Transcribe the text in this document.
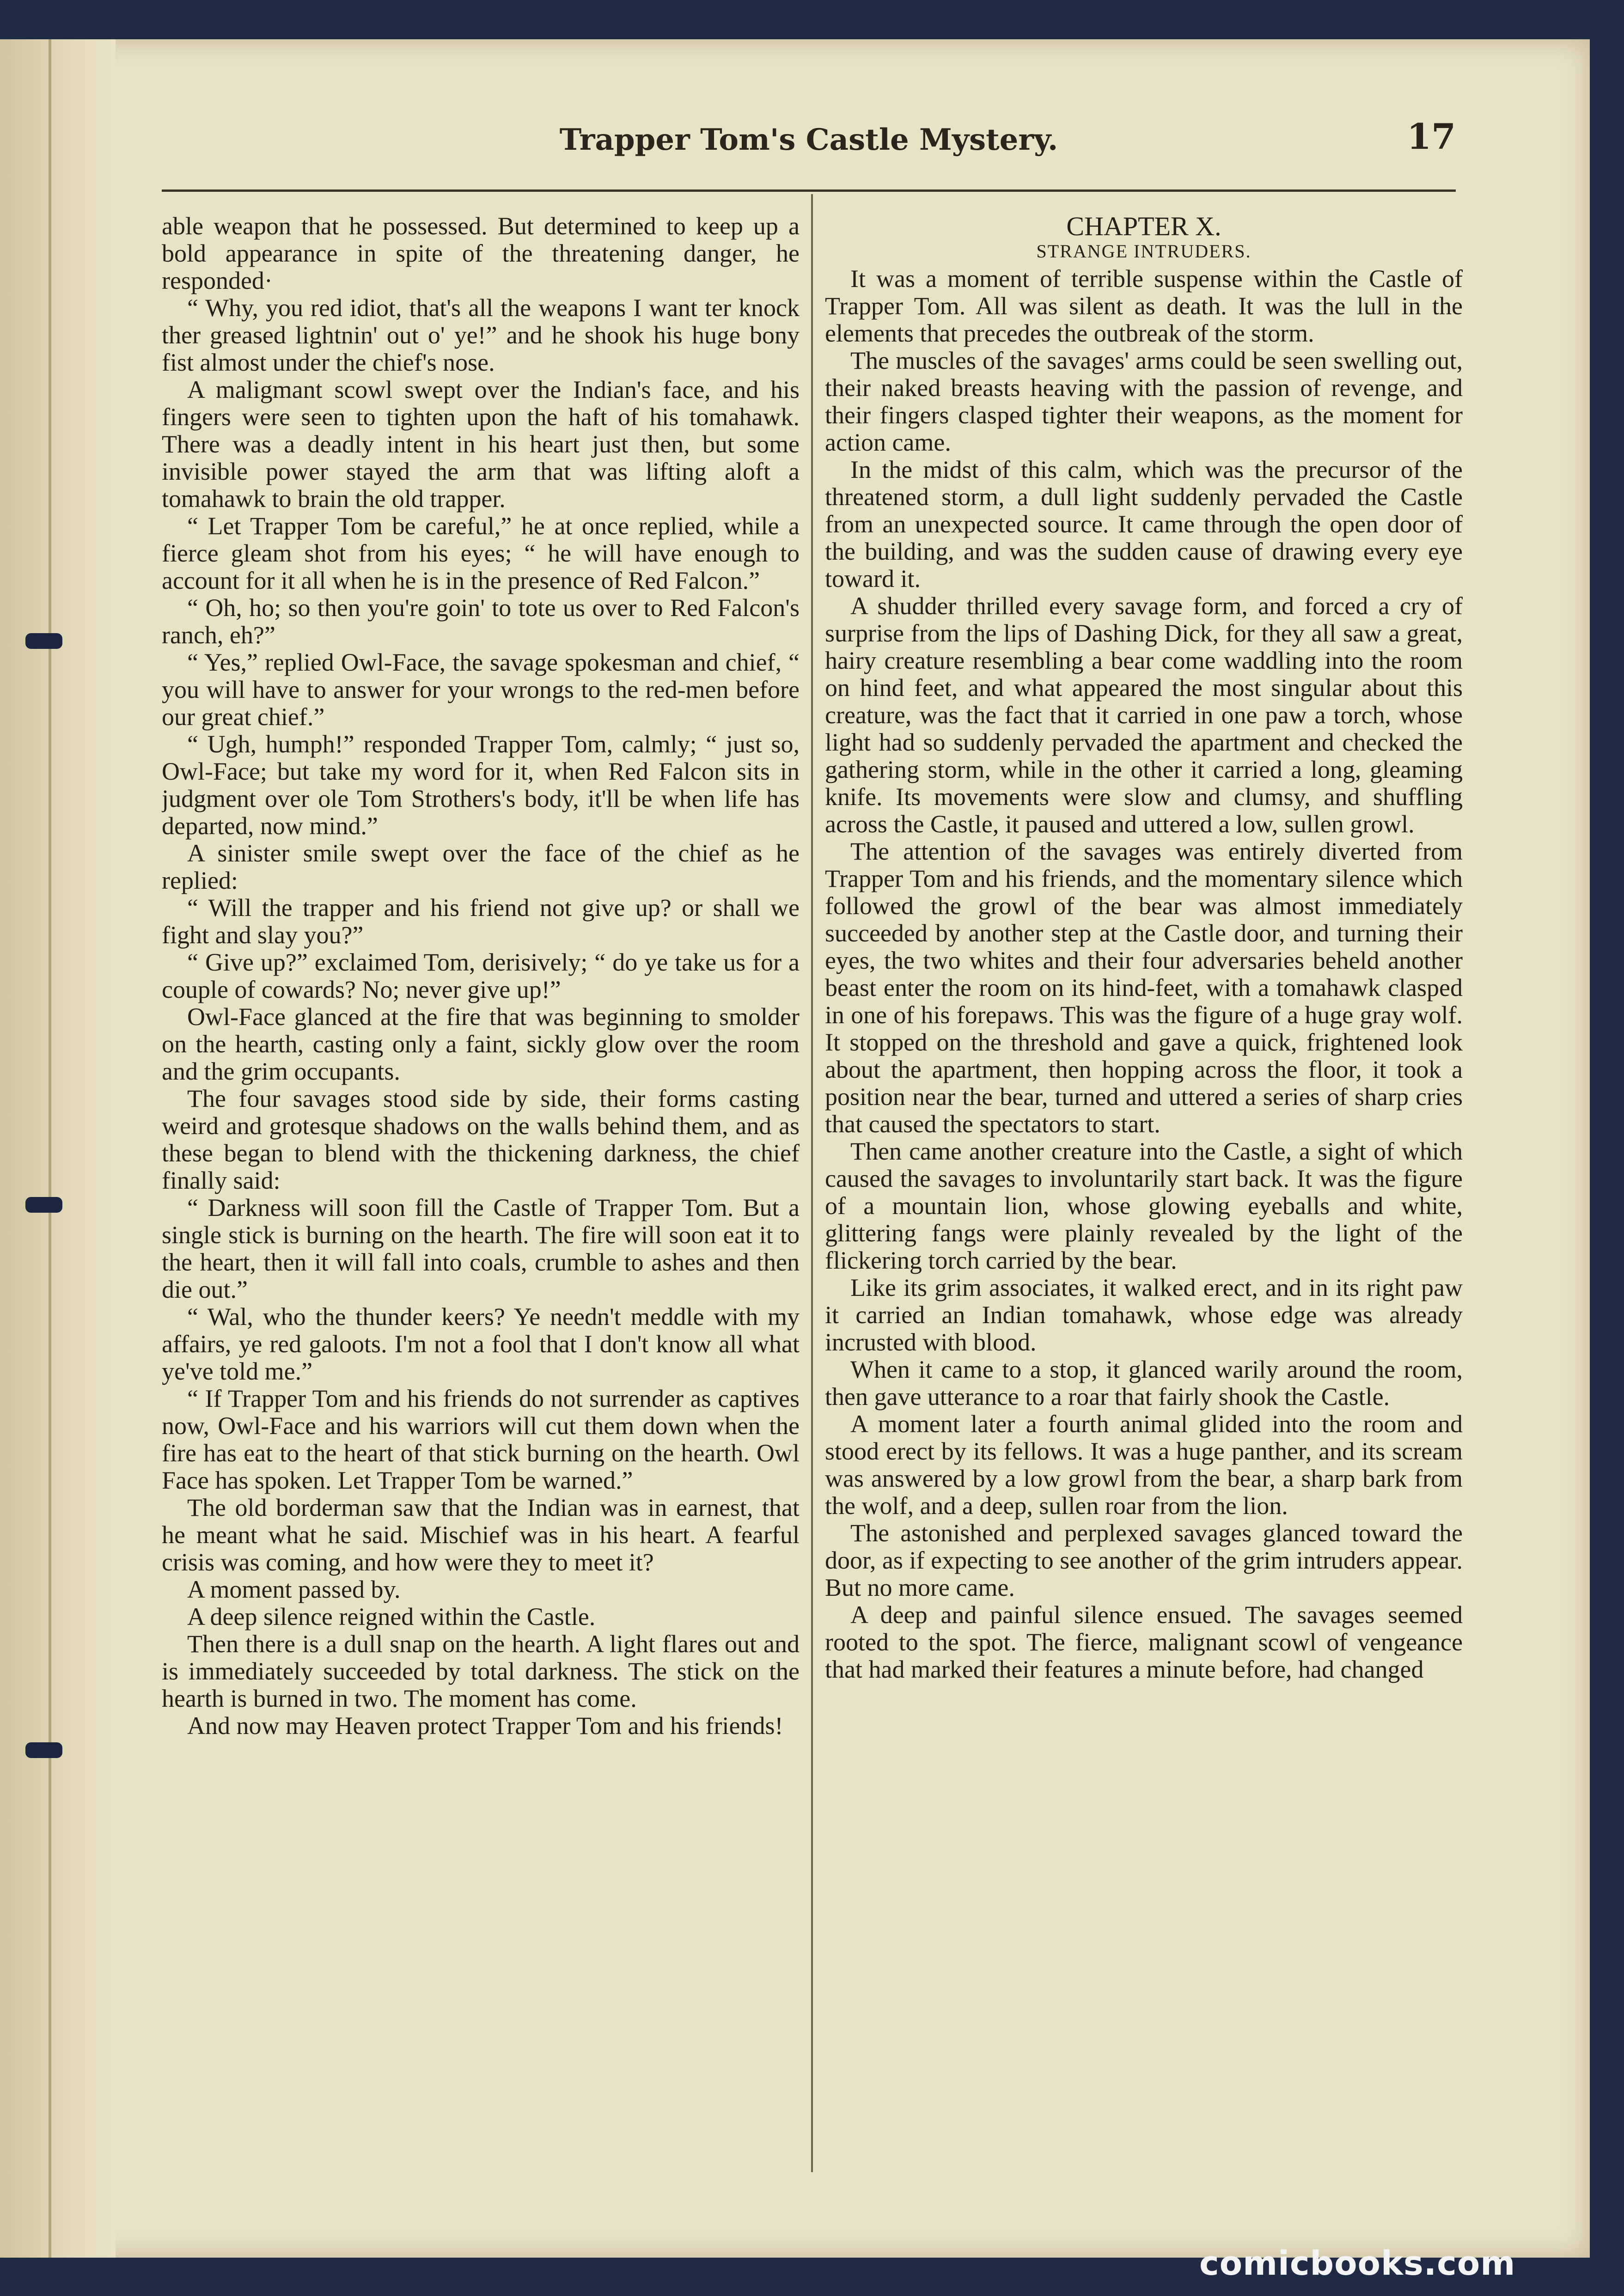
Trapper Tom's Castle Mystery.	17

able weapon that he possessed. But determined to keep up a bold appearance in spite of the threatening danger, he responded·

“ Why, you red idiot, that's all the weapons I want ter knock ther greased lightnin' out o' ye!” and he shook his huge bony fist almost under the chief's nose.

A maligmant scowl swept over the Indian's face, and his fingers were seen to tighten upon the haft of his tomahawk. There was a deadly intent in his heart just then, but some invisible power stayed the arm that was lifting aloft a tomahawk to brain the old trapper.

“ Let Trapper Tom be careful,” he at once replied, while a fierce gleam shot from his eyes; “ he will have enough to account for it all when he is in the presence of Red Falcon.”

“ Oh, ho; so then you're goin' to tote us over to Red Falcon's ranch, eh?”

“ Yes,” replied Owl-Face, the savage spokesman and chief, “ you will have to answer for your wrongs to the red-men before our great chief.”

“ Ugh, humph!” responded Trapper Tom, calmly; “ just so, Owl-Face; but take my word for it, when Red Falcon sits in judgment over ole Tom Strothers's body, it'll be when life has departed, now mind.”

A sinister smile swept over the face of the chief as he replied:

“ Will the trapper and his friend not give up? or shall we fight and slay you?”

“ Give up?” exclaimed Tom, derisively; “ do ye take us for a couple of cowards? No; never give up!”

Owl-Face glanced at the fire that was beginning to smolder on the hearth, casting only a faint, sickly glow over the room and the grim occupants.

The four savages stood side by side, their forms casting weird and grotesque shadows on the walls behind them, and as these began to blend with the thickening darkness, the chief finally said:

“ Darkness will soon fill the Castle of Trapper Tom. But a single stick is burning on the hearth. The fire will soon eat it to the heart, then it will fall into coals, crumble to ashes and then die out.”

“ Wal, who the thunder keers? Ye needn't meddle with my affairs, ye red galoots. I'm not a fool that I don't know all what ye've told me.”

“ If Trapper Tom and his friends do not surrender as captives now, Owl-Face and his warriors will cut them down when the fire has eat to the heart of that stick burning on the hearth. Owl Face has spoken. Let Trapper Tom be warned.”

The old borderman saw that the Indian was in earnest, that he meant what he said. Mischief was in his heart. A fearful crisis was coming, and how were they to meet it?

A moment passed by.

A deep silence reigned within the Castle.

Then there is a dull snap on the hearth. A light flares out and is immediately succeeded by total darkness. The stick on the hearth is burned in two. The moment has come.

And now may Heaven protect Trapper Tom and his friends!

CHAPTER X.
STRANGE INTRUDERS.

It was a moment of terrible suspense within the Castle of Trapper Tom. All was silent as death. It was the lull in the elements that precedes the outbreak of the storm.

The muscles of the savages' arms could be seen swelling out, their naked breasts heaving with the passion of revenge, and their fingers clasped tighter their weapons, as the moment for action came.

In the midst of this calm, which was the precursor of the threatened storm, a dull light suddenly pervaded the Castle from an unexpected source. It came through the open door of the building, and was the sudden cause of drawing every eye toward it.

A shudder thrilled every savage form, and forced a cry of surprise from the lips of Dashing Dick, for they all saw a great, hairy creature resembling a bear come waddling into the room on hind feet, and what appeared the most singular about this creature, was the fact that it carried in one paw a torch, whose light had so suddenly pervaded the apartment and checked the gathering storm, while in the other it carried a long, gleaming knife. Its movements were slow and clumsy, and shuffling across the Castle, it paused and uttered a low, sullen growl.

The attention of the savages was entirely diverted from Trapper Tom and his friends, and the momentary silence which followed the growl of the bear was almost immediately succeeded by another step at the Castle door, and turning their eyes, the two whites and their four adversaries beheld another beast enter the room on its hind-feet, with a tomahawk clasped in one of his forepaws. This was the figure of a huge gray wolf. It stopped on the threshold and gave a quick, frightened look about the apartment, then hopping across the floor, it took a position near the bear, turned and uttered a series of sharp cries that caused the spectators to start.

Then came another creature into the Castle, a sight of which caused the savages to involuntarily start back. It was the figure of a mountain lion, whose glowing eyeballs and white, glittering fangs were plainly revealed by the light of the flickering torch carried by the bear.

Like its grim associates, it walked erect, and in its right paw it carried an Indian tomahawk, whose edge was already incrusted with blood.

When it came to a stop, it glanced warily around the room, then gave utterance to a roar that fairly shook the Castle.

A moment later a fourth animal glided into the room and stood erect by its fellows. It was a huge panther, and its scream was answered by a low growl from the bear, a sharp bark from the wolf, and a deep, sullen roar from the lion.

The astonished and perplexed savages glanced toward the door, as if expecting to see another of the grim intruders appear. But no more came.

A deep and painful silence ensued. The savages seemed rooted to the spot. The fierce, malignant scowl of vengeance that had marked their features a minute before, had changed

comicbooks.com
